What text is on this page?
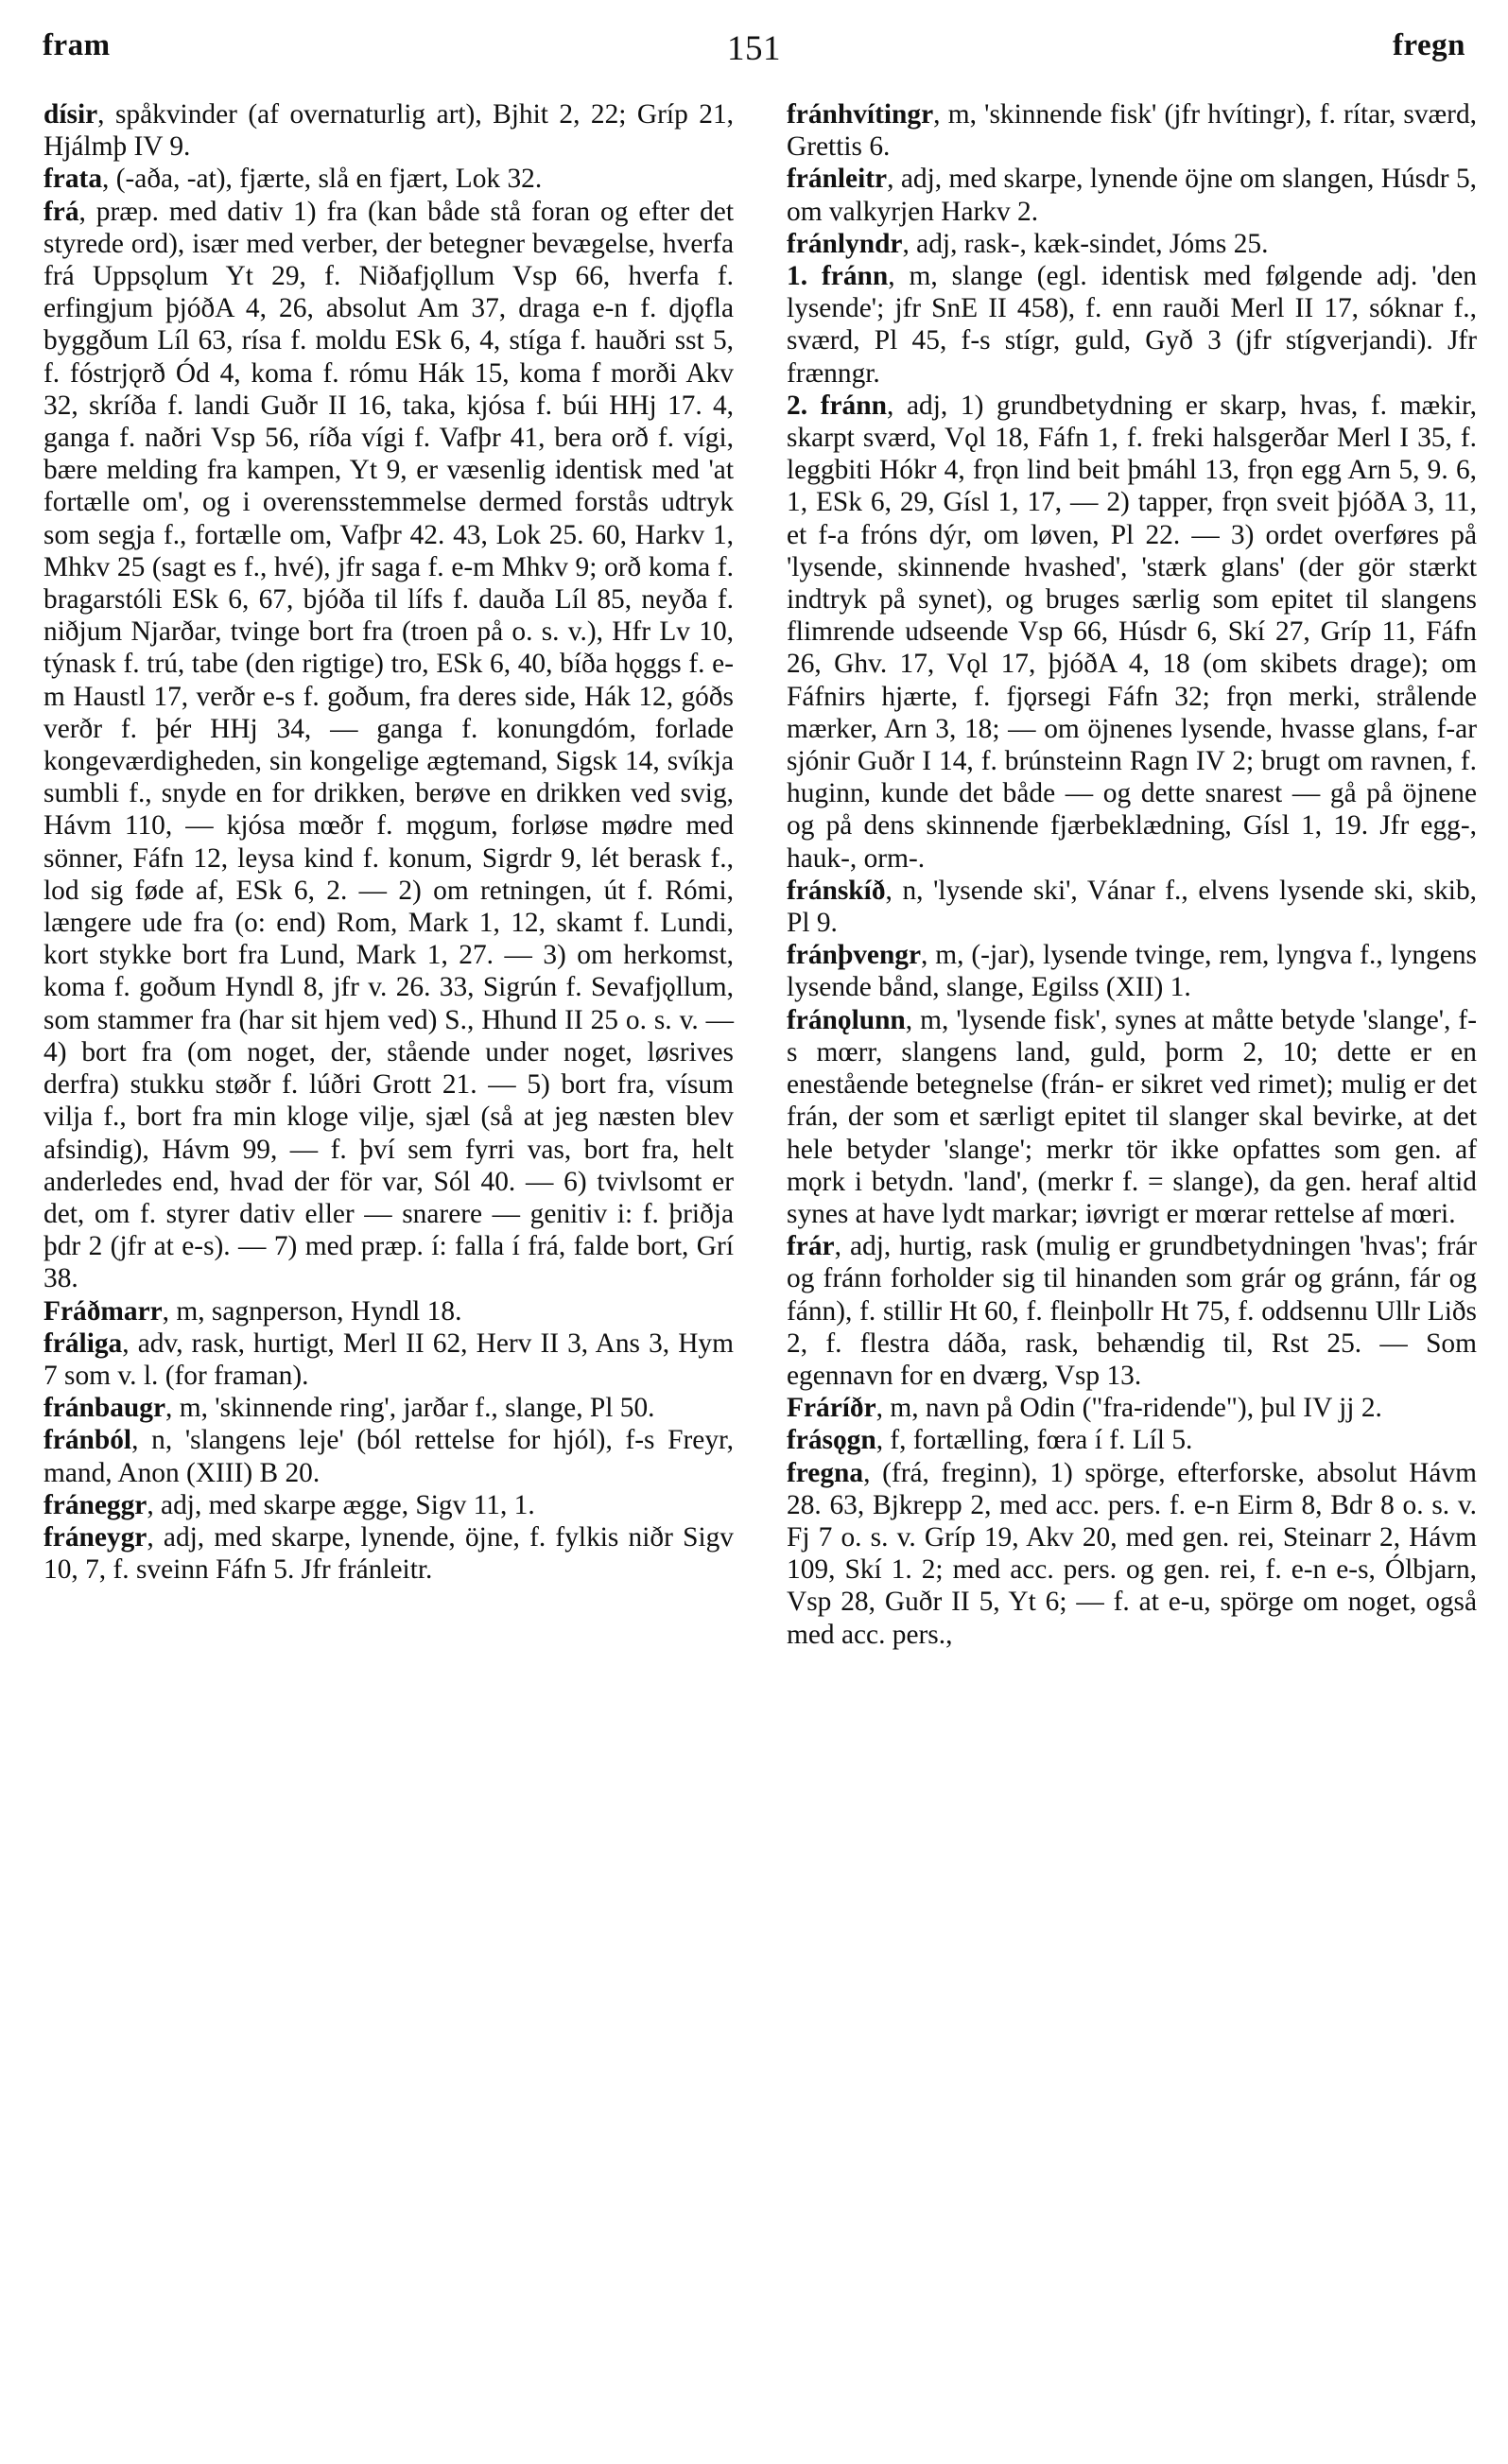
fram	151	fregn

dísir, spåkvinder (af overnaturlig art), Bjhit 2, 22; Gríp 21, Hjálmþ IV 9.

frata, (-aða, -at), fjærte, slå en fjært, Lok 32.

frá, præp. med dativ 1) fra (kan både stå foran og efter det styrede ord), især med verber, der betegner bevægelse, hverfa frá Uppsǫlum Yt 29, f. Niðafjǫllum Vsp 66, hverfa f. erfingjum þjóðA 4, 26, absolut Am 37, draga e-n f. djǫfla byggðum Líl 63, rísa f. moldu ESk 6, 4, stíga f. hauðri sst 5, f. fóstrjǫrð Ód 4, koma f. rómu Hák 15, koma f morði Akv 32, skríða f. landi Guðr II 16, taka, kjósa f. búi HHj 17. 4, ganga f. naðri Vsp 56, ríða vígi f. Vafþr 41, bera orð f. vígi, bære melding fra kampen, Yt 9, er væsenlig identisk med 'at fortælle om', og i overensstemmelse dermed forstås udtryk som segja f., fortælle om, Vafþr 42. 43, Lok 25. 60, Harkv 1, Mhkv 25 (sagt es f., hvé), jfr saga f. e-m Mhkv 9; orð koma f. bragarstóli ESk 6, 67, bjóða til lífs f. dauða Líl 85, neyða f. niðjum Njarðar, tvinge bort fra (troen på o. s. v.), Hfr Lv 10, týnask f. trú, tabe (den rigtige) tro, ESk 6, 40, bíða hǫggs f. e-m Haustl 17, verðr e-s f. goðum, fra deres side, Hák 12, góðs verðr f. þér HHj 34, — ganga f. konungdóm, forlade kongeværdigheden, sin kongelige ægtemand, Sigsk 14, svíkja sumbli f., snyde en for drikken, berøve en drikken ved svig, Hávm 110, — kjósa mœðr f. mǫgum, forløse mødre med sönner, Fáfn 12, leysa kind f. konum, Sigrdr 9, lét berask f., lod sig føde af, ESk 6, 2. — 2) om retningen, út f. Rómi, længere ude fra (o: end) Rom, Mark 1, 12, skamt f. Lundi, kort stykke bort fra Lund, Mark 1, 27. — 3) om herkomst, koma f. goðum Hyndl 8, jfr v. 26. 33, Sigrún f. Sevafjǫllum, som stammer fra (har sit hjem ved) S., Hhund II 25 o. s. v. — 4) bort fra (om noget, der, stående under noget, løsrives derfra) stukku støðr f. lúðri Grott 21. — 5) bort fra, vísum vilja f., bort fra min kloge vilje, sjæl (så at jeg næsten blev afsindig), Hávm 99, — f. því sem fyrri vas, bort fra, helt anderledes end, hvad der för var, Sól 40. — 6) tvivlsomt er det, om f. styrer dativ eller — snarere — genitiv i: f. þriðja þdr 2 (jfr at e-s). — 7) med præp. í: falla í frá, falde bort, Grí 38.

Fráðmarr, m, sagnperson, Hyndl 18.

fráliga, adv, rask, hurtigt, Merl II 62, Herv II 3, Ans 3, Hym 7 som v. l. (for framan).

fránbaugr, m, 'skinnende ring', jarðar f., slange, Pl 50.

fránból, n, 'slangens leje' (ból rettelse for hjól), f-s Freyr, mand, Anon (XIII) B 20.

fráneggr, adj, med skarpe ægge, Sigv 11, 1.

fráneygr, adj, med skarpe, lynende, öjne, f. fylkis niðr Sigv 10, 7, f. sveinn Fáfn 5. Jfr fránleitr.

fránhvítingr, m, 'skinnende fisk' (jfr hvítingr), f. rítar, sværd, Grettis 6.

fránleitr, adj, med skarpe, lynende öjne om slangen, Húsdr 5, om valkyrjen Harkv 2.

fránlyndr, adj, rask-, kæk-sindet, Jóms 25.

1. fránn, m, slange (egl. identisk med følgende adj. 'den lysende'; jfr SnE II 458), f. enn rauði Merl II 17, sóknar f., sværd, Pl 45, f-s stígr, guld, Gyð 3 (jfr stígverjandi). Jfr frænngr.

2. fránn, adj, 1) grundbetydning er skarp, hvas, f. mækir, skarpt sværd, Vǫl 18, Fáfn 1, f. freki halsgerðar Merl I 35, f. leggbiti Hókr 4, frǫn lind beit þmáhl 13, frǫn egg Arn 5, 9. 6, 1, ESk 6, 29, Gísl 1, 17, — 2) tapper, frǫn sveit þjóðA 3, 11, et f-a fróns dýr, om løven, Pl 22. — 3) ordet overføres på 'lysende, skinnende hvashed', 'stærk glans' (der gör stærkt indtryk på synet), og bruges særlig som epitet til slangens flimrende udseende Vsp 66, Húsdr 6, Skí 27, Gríp 11, Fáfn 26, Ghv. 17, Vǫl 17, þjóðA 4, 18 (om skibets drage); om Fáfnirs hjærte, f. fjǫrsegi Fáfn 32; frǫn merki, strålende mærker, Arn 3, 18; — om öjnenes lysende, hvasse glans, f-ar sjónir Guðr I 14, f. brúnsteinn Ragn IV 2; brugt om ravnen, f. huginn, kunde det både — og dette snarest — gå på öjnene og på dens skinnende fjærbeklædning, Gísl 1, 19. Jfr egg-, hauk-, orm-.

fránskíð, n, 'lysende ski', Vánar f., elvens lysende ski, skib, Pl 9.

fránþvengr, m, (-jar), lysende tvinge, rem, lyngva f., lyngens lysende bånd, slange, Egilss (XII) 1.

fránǫlunn, m, 'lysende fisk', synes at måtte betyde 'slange', f-s mœrr, slangens land, guld, þorm 2, 10; dette er en enestående betegnelse (frán- er sikret ved rimet); mulig er det frán, der som et særligt epitet til slanger skal bevirke, at det hele betyder 'slange'; merkr tör ikke opfattes som gen. af mǫrk i betydn. 'land', (merkr f. = slange), da gen. heraf altid synes at have lydt markar; iøvrigt er mœrar rettelse af mœri.

frár, adj, hurtig, rask (mulig er grundbetydningen 'hvas'; frár og fránn forholder sig til hinanden som grár og gránn, fár og fánn), f. stillir Ht 60, f. fleinþollr Ht 75, f. oddsennu Ullr Liðs 2, f. flestra dáða, rask, behændig til, Rst 25. — Som egennavn for en dværg, Vsp 13.

Fráríðr, m, navn på Odin ("fra-ridende"), þul IV jj 2.

frásǫgn, f, fortælling, fœra í f. Líl 5.

fregna, (frá, freginn), 1) spörge, efterforske, absolut Hávm 28. 63, Bjkrepp 2, med acc. pers. f. e-n Eirm 8, Bdr 8 o. s. v. Fj 7 o. s. v. Gríp 19, Akv 20, med gen. rei, Steinarr 2, Hávm 109, Skí 1. 2; med acc. pers. og gen. rei, f. e-n e-s, Ólbjarn, Vsp 28, Guðr II 5, Yt 6; — f. at e-u, spörge om noget, også med acc. pers.,
